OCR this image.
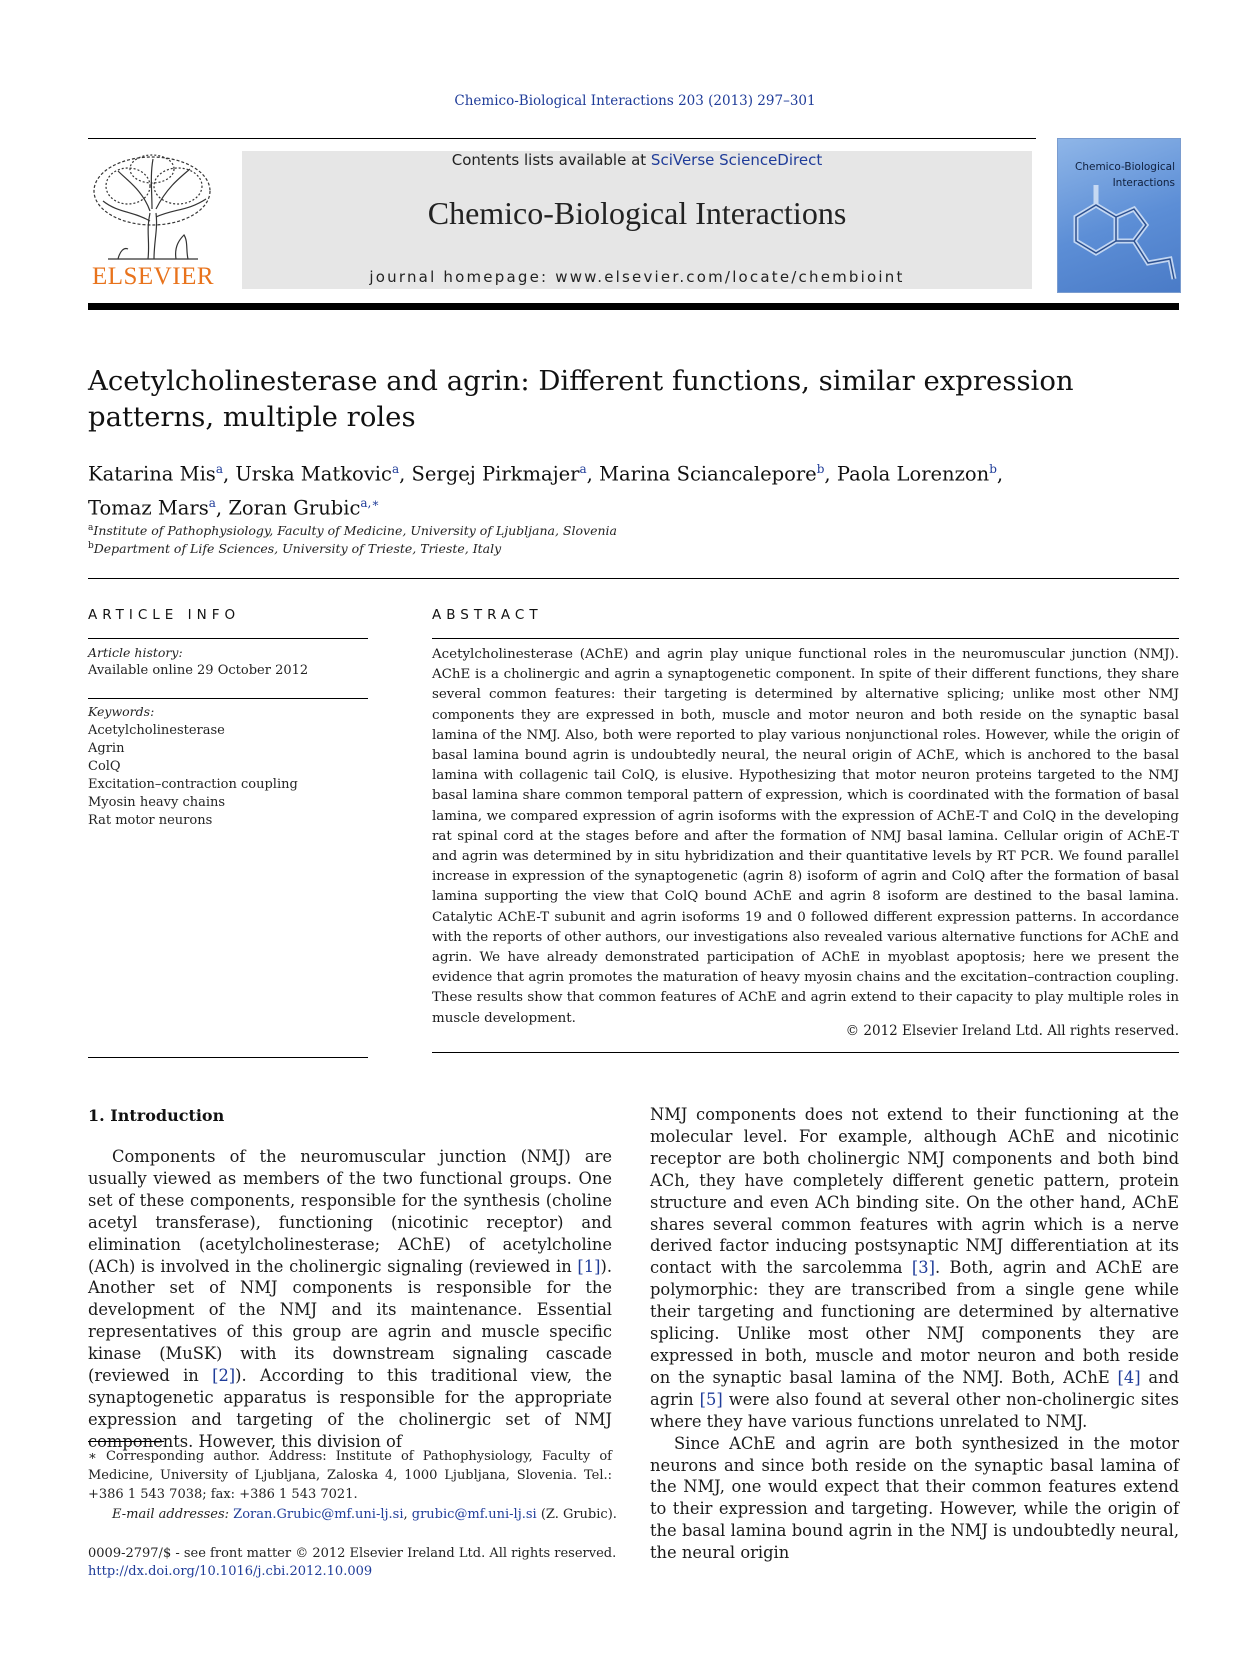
Chemico-Biological Interactions 203 (2013) 297–301
ELSEVIER
Contents lists available at SciVerse ScienceDirect
Chemico-Biological Interactions
journal homepage: www.elsevier.com/locate/chembioint
Chemico-Biological
Interactions
Acetylcholinesterase and agrin: Different functions, similar expression patterns, multiple roles
Katarina Mis$^a$, Urska Matkovic$^a$, Sergej Pirkmajer$^a$, Marina Sciancalepore$^b$, Paola Lorenzon$^b$,
Tomaz Mars$^a$, Zoran Grubic$^{a,∗}$
$^a$Institute of Pathophysiology, Faculty of Medicine, University of Ljubljana, Slovenia
$^b$Department of Life Sciences, University of Trieste, Trieste, Italy
ARTICLE INFO	ABSTRACT
Article history:
Available online 29 October 2012
Keywords:
Acetylcholinesterase
Agrin
ColQ
Excitation–contraction coupling
Myosin heavy chains
Rat motor neurons
Acetylcholinesterase (AChE) and agrin play unique functional roles in the neuromuscular junction (NMJ). AChE is a cholinergic and agrin a synaptogenetic component. In spite of their different functions, they share several common features: their targeting is determined by alternative splicing; unlike most other NMJ components they are expressed in both, muscle and motor neuron and both reside on the synaptic basal lamina of the NMJ. Also, both were reported to play various nonjunctional roles. However, while the origin of basal lamina bound agrin is undoubtedly neural, the neural origin of AChE, which is anchored to the basal lamina with collagenic tail ColQ, is elusive. Hypothesizing that motor neuron proteins targeted to the NMJ basal lamina share common temporal pattern of expression, which is coordinated with the formation of basal lamina, we compared expression of agrin isoforms with the expression of AChE-T and ColQ in the developing rat spinal cord at the stages before and after the formation of NMJ basal lamina. Cellular origin of AChE-T and agrin was determined by in situ hybridization and their quantitative levels by RT PCR. We found parallel increase in expression of the synaptogenetic (agrin 8) isoform of agrin and ColQ after the formation of basal lamina supporting the view that ColQ bound AChE and agrin 8 isoform are destined to the basal lamina. Catalytic AChE-T subunit and agrin isoforms 19 and 0 followed different expression patterns. In accordance with the reports of other authors, our investigations also revealed various alternative functions for AChE and agrin. We have already demonstrated participation of AChE in myoblast apoptosis; here we present the evidence that agrin promotes the maturation of heavy myosin chains and the excitation–contraction coupling. These results show that common features of AChE and agrin extend to their capacity to play multiple roles in muscle development.
© 2012 Elsevier Ireland Ltd. All rights reserved.
1. Introduction
Components of the neuromuscular junction (NMJ) are usually viewed as members of the two functional groups. One set of these components, responsible for the synthesis (choline acetyl transferase), functioning (nicotinic receptor) and elimination (acetylcholinesterase; AChE) of acetylcholine (ACh) is involved in the cholinergic signaling (reviewed in [1]). Another set of NMJ components is responsible for the development of the NMJ and its maintenance. Essential representatives of this group are agrin and muscle specific kinase (MuSK) with its downstream signaling cascade (reviewed in [2]). According to this traditional view, the synaptogenetic apparatus is responsible for the appropriate expression and targeting of the cholinergic set of NMJ components. However, this division of

NMJ components does not extend to their functioning at the molecular level. For example, although AChE and nicotinic receptor are both cholinergic NMJ components and both bind ACh, they have completely different genetic pattern, protein structure and even ACh binding site. On the other hand, AChE shares several common features with agrin which is a nerve derived factor inducing postsynaptic NMJ differentiation at its contact with the sarcolemma [3]. Both, agrin and AChE are polymorphic: they are transcribed from a single gene while their targeting and functioning are determined by alternative splicing. Unlike most other NMJ components they are expressed in both, muscle and motor neuron and both reside on the synaptic basal lamina of the NMJ. Both, AChE [4] and agrin [5] were also found at several other non-cholinergic sites where they have various functions unrelated to NMJ.

Since AChE and agrin are both synthesized in the motor neurons and since both reside on the synaptic basal lamina of the NMJ, one would expect that their common features extend to their expression and targeting. However, while the origin of the basal lamina bound agrin in the NMJ is undoubtedly neural, the neural origin

∗ Corresponding author. Address: Institute of Pathophysiology, Faculty of Medicine, University of Ljubljana, Zaloska 4, 1000 Ljubljana, Slovenia. Tel.: +386 1 543 7038; fax: +386 1 543 7021.
E-mail addresses: Zoran.Grubic@mf.uni-lj.si, grubic@mf.uni-lj.si (Z. Grubic).
0009-2797/$ - see front matter © 2012 Elsevier Ireland Ltd. All rights reserved.
http://dx.doi.org/10.1016/j.cbi.2012.10.009
